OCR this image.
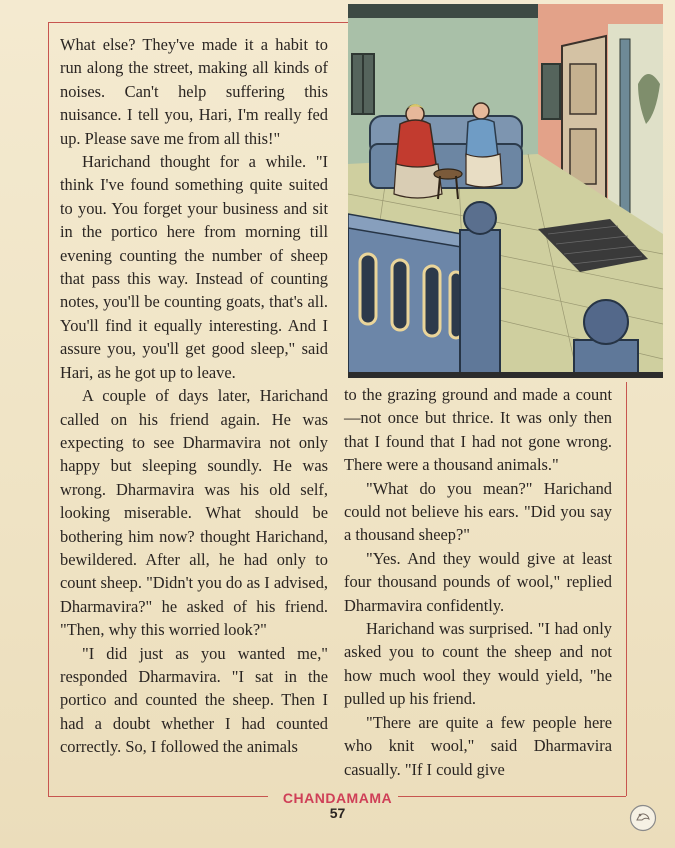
What else? They've made it a habit to run along the street, making all kinds of noises. Can't help suffering this nuisance. I tell you, Hari, I'm really fed up. Please save me from all this!"

Harichand thought for a while. "I think I've found something quite suited to you. You forget your business and sit in the portico here from morning till evening counting the number of sheep that pass this way. Instead of counting notes, you'll be counting goats, that's all. You'll find it equally interesting. And I assure you, you'll get good sleep," said Hari, as he got up to leave.

A couple of days later, Harichand called on his friend again. He was expecting to see Dharmavira not only happy but sleeping soundly. He was wrong. Dharmavira was his old self, looking miserable. What should be bothering him now? thought Harichand, bewildered. After all, he had only to count sheep. "Didn't you do as I advised, Dharmavira?" he asked of his friend. "Then, why this worried look?"

"I did just as you wanted me," responded Dharmavira. "I sat in the portico and counted the sheep. Then I had a doubt whether I had counted correctly. So, I followed the animals

to the grazing ground and made a count—not once but thrice. It was only then that I found that I had not gone wrong. There were a thousand animals."

"What do you mean?" Harichand could not believe his ears. "Did you say a thousand sheep?"

"Yes. And they would give at least four thousand pounds of wool," replied Dharmavira confidently.

Harichand was surprised. "I had only asked you to count the sheep and not how much wool they would yield, "he pulled up his friend.

"There are quite a few people here who knit wool," said Dharmavira casually. "If I could give

CHANDAMAMA
57
